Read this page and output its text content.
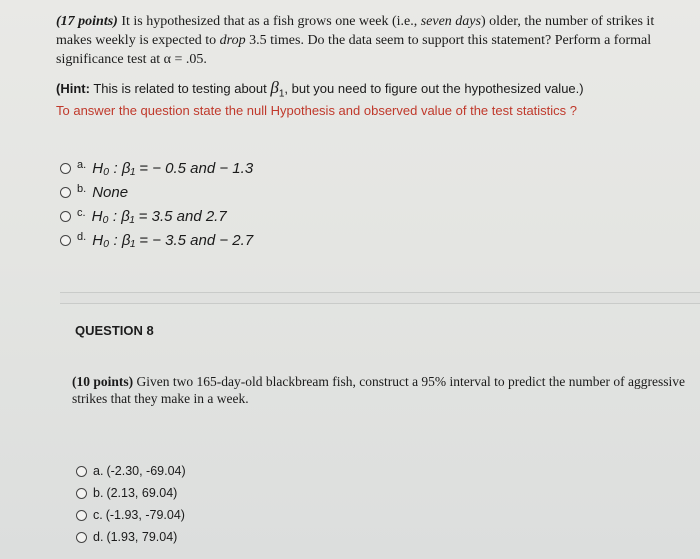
(17 points) It is hypothesized that as a fish grows one week (i.e., seven days) older, the number of strikes it makes weekly is expected to drop 3.5 times. Do the data seem to support this statement? Perform a formal significance test at α = .05.
(Hint: This is related to testing about $\beta_1$, but you need to figure out the hypothesized value.)
To answer the question state the null Hypothesis and observed value of the test statistics ?
a. H₀ : β₁ = − 0.5 and − 1.3
b. None
c. H₀ : β₁ = 3.5 and 2.7
d. H₀ : β₁ = − 3.5 and − 2.7
QUESTION 8
(10 points) Given two 165-day-old blackbream fish, construct a 95% interval to predict the number of aggressive strikes that they make in a week.
a. (-2.30, -69.04)
b. (2.13, 69.04)
c. (-1.93, -79.04)
d. (1.93, 79.04)
